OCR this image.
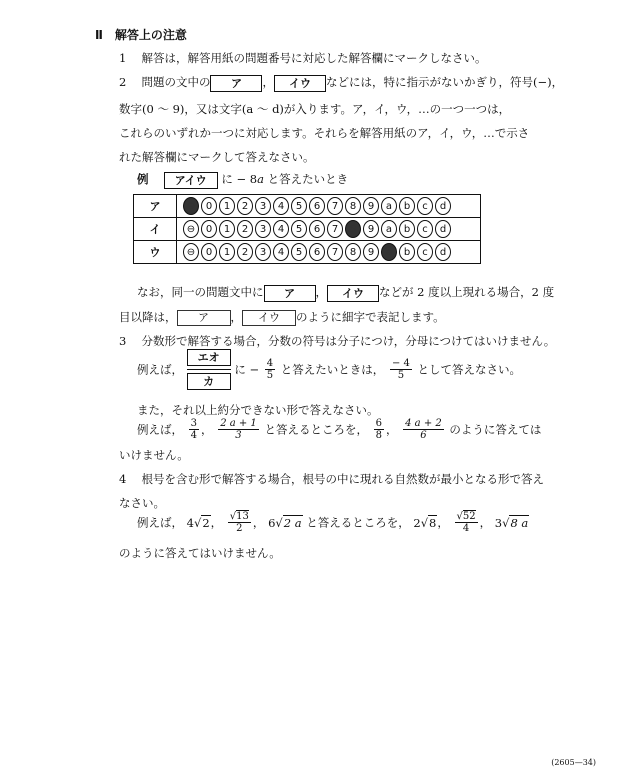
Ⅱ　解答上の注意
1　 解答は，解答用紙の問題番号に対応した解答欄にマークしなさい。
2　 問題の文中の ア ， イウ などには，特に指示がないかぎり，符号(−)，
数字(0 ～ 9)，又は文字(a ～ d)が入ります。ア，イ，ウ，…の一つ一つは，
これらのいずれか一つに対応します。それらを解答用紙のア，イ，ウ，…で示さ
れた解答欄にマークして答えなさい。
例　 アイウ に − 8a と答えたいとき
ア	⊖	0	1	2	3	4	5	6	7	8	9	a	b	c	d
イ	⊖	0	1	2	3	4	5	6	7	8	9	a	b	c	d
ウ	⊖	0	1	2	3	4	5	6	7	8	9	a	b	c	d
なお，同一の問題文中に ア ， イウ などが 2 度以上現れる場合，2 度
目以降は， ア ， イウ のように細字で表記します。
3　 分数形で解答する場合，分数の符号は分子につけ，分母につけてはいけません。
例えば，
エオ
カ
に − $\frac{4}{5}$ と答えたいときは， $\frac{- 4}{5}$ として答えなさい。
また，それ以上約分できない形で答えなさい。
例えば， $\frac{3}{4}$ ， $\frac{2 a + 1}{3}$ と答えるところを， $\frac{6}{8}$ ， $\frac{4 a + 2}{6}$ のように答えては
いけません。
4　 根号を含む形で解答する場合，根号の中に現れる自然数が最小となる形で答え
なさい。
例えば， 4√2， $\frac{√13}{2}$ ， 6√2 a と答えるところを， 2√8， $\frac{√52}{4}$ ， 3√8 a
のように答えてはいけません。
(2605—34)
